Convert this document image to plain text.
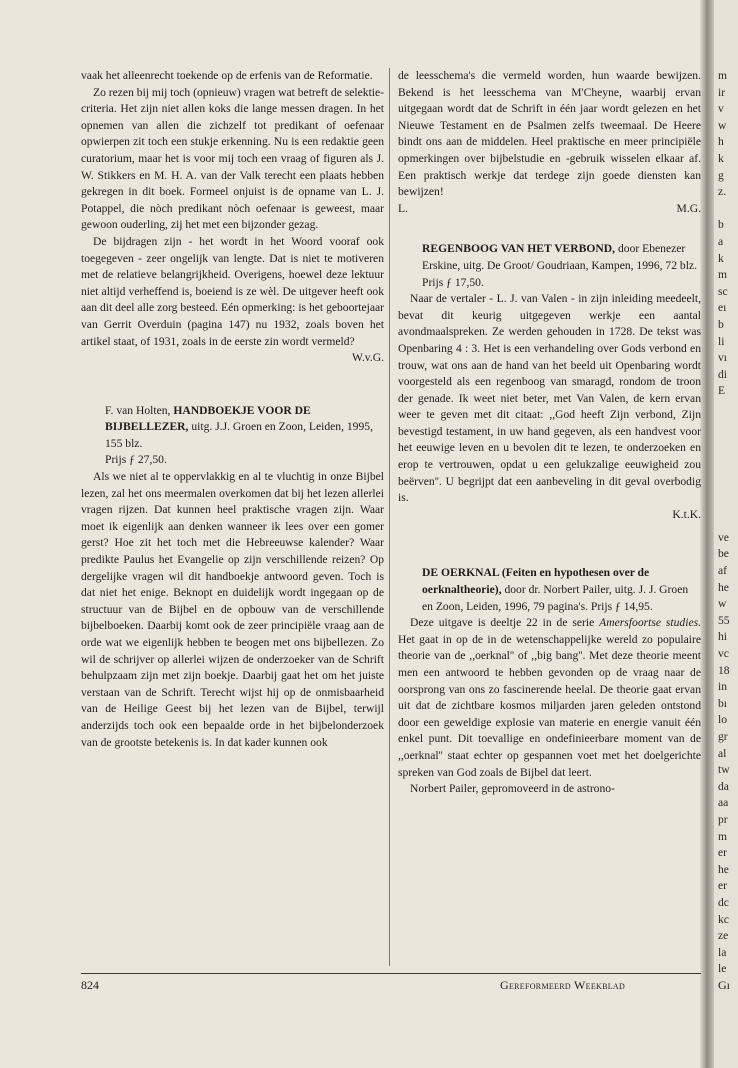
vaak het alleenrecht toekende op de erfenis van de Reformatie.

Zo rezen bij mij toch (opnieuw) vragen wat betreft de selektie-criteria. Het zijn niet allen koks die lange messen dragen. In het opnemen van allen die zichzelf tot predikant of oefenaar opwierpen zit toch een stukje erkenning. Nu is een redaktie geen curatorium, maar het is voor mij toch een vraag of figuren als J. W. Stikkers en M. H. A. van der Valk terecht een plaats hebben gekregen in dit boek. Formeel onjuist is de opname van L. J. Potappel, die nòch predikant nòch oefenaar is geweest, maar gewoon ouderling, zij het met een bijzonder gezag.

De bijdragen zijn - het wordt in het Woord vooraf ook toegegeven - zeer ongelijk van lengte. Dat is niet te motiveren met de relatieve belangrijkheid. Overigens, hoewel deze lektuur niet altijd verheffend is, boeiend is ze wèl. De uitgever heeft ook aan dit deel alle zorg besteed. Eén opmerking: is het geboortejaar van Gerrit Overduin (pagina 147) nu 1932, zoals boven het artikel staat, of 1931, zoals in de eerste zin wordt vermeld?

W.v.G.

F. van Holten, HANDBOEKJE VOOR DE BIJBELLEZER, uitg. J.J. Groen en Zoon, Leiden, 1995, 155 blz.

Prijs ƒ 27,50.

Als we niet al te oppervlakkig en al te vluchtig in onze Bijbel lezen, zal het ons meermalen overkomen dat bij het lezen allerlei vragen rijzen. Dat kunnen heel praktische vragen zijn. Waar moet ik eigenlijk aan denken wanneer ik lees over een gomer gerst? Hoe zit het toch met die Hebreeuwse kalender? Waar predikte Paulus het Evangelie op zijn verschillende reizen? Op dergelijke vragen wil dit handboekje antwoord geven. Toch is dat niet het enige. Beknopt en duidelijk wordt ingegaan op de structuur van de Bijbel en de opbouw van de verschillende bijbelboeken. Daarbij komt ook de zeer principiële vraag aan de orde wat we eigenlijk hebben te beogen met ons bijbellezen. Zo wil de schrijver op allerlei wijzen de onderzoeker van de Schrift behulpzaam zijn met zijn boekje. Daarbij gaat het om het juiste verstaan van de Schrift. Terecht wijst hij op de onmisbaarheid van de Heilige Geest bij het lezen van de Bijbel, terwijl anderzijds toch ook een bepaalde orde in het bijbelonderzoek van de grootste betekenis is. In dat kader kunnen ook

de leesschema's die vermeld worden, hun waarde bewijzen. Bekend is het leesschema van M'Cheyne, waarbij ervan uitgegaan wordt dat de Schrift in één jaar wordt gelezen en het Nieuwe Testament en de Psalmen zelfs tweemaal. De Heere bindt ons aan de middelen. Heel praktische en meer principiële opmerkingen over bijbelstudie en -gebruik wisselen elkaar af. Een praktisch werkje dat terdege zijn goede diensten kan bewijzen!

L.	M.G.

REGENBOOG VAN HET VERBOND, door Ebenezer Erskine, uitg. De Groot/ Goudriaan, Kampen, 1996, 72 blz. Prijs ƒ 17,50.

Naar de vertaler - L. J. van Valen - in zijn inleiding meedeelt, bevat dit keurig uitgegeven werkje een aantal avondmaalspreken. Ze werden gehouden in 1728. De tekst was Openbaring 4 : 3. Het is een verhandeling over Gods verbond en trouw, wat ons aan de hand van het beeld uit Openbaring wordt voorgesteld als een regenboog van smaragd, rondom de troon der genade. Ik weet niet beter, met Van Valen, de kern ervan weer te geven met dit citaat: ,,God heeft Zijn verbond, Zijn bevestigd testament, in uw hand gegeven, als een handvest voor het eeuwige leven en u bevolen dit te lezen, te onderzoeken en erop te vertrouwen, opdat u een gelukzalige eeuwigheid zou beërven''. U begrijpt dat een aanbeveling in dit geval overbodig is.

K.t.K.

DE OERKNAL (Feiten en hypothesen over de oerknaltheorie), door dr. Norbert Pailer, uitg. J. J. Groen en Zoon, Leiden, 1996, 79 pagina's. Prijs ƒ 14,95.

Deze uitgave is deeltje 22 in de serie Amersfoortse studies. Het gaat in op de in de wetenschappelijke wereld zo populaire theorie van de ,,oerknal'' of ,,big bang''. Met deze theorie meent men een antwoord te hebben gevonden op de vraag naar de oorsprong van ons zo fascinerende heelal. De theorie gaat ervan uit dat de zichtbare kosmos miljarden jaren geleden ontstond door een geweldige explosie van materie en energie vanuit één enkel punt. Dit toevallige en ondefinieerbare moment van de ,,oerknal'' staat echter op gespannen voet met het doelgerichte spreken van God zoals de Bijbel dat leert.

Norbert Pailer, gepromoveerd in de astrono-

824	Gereformeerd Weekblad
m
ir
v
w
h
k
g
z.

b
a
k
m
sc
eı
b
li
vı
di
E
ve
be
af
he
w
55
hi
vc
18
in
bı
lo
gr
al
tw
da
aa
pr
m
er
he
er
dc
kc
ze
la
le
Gı
